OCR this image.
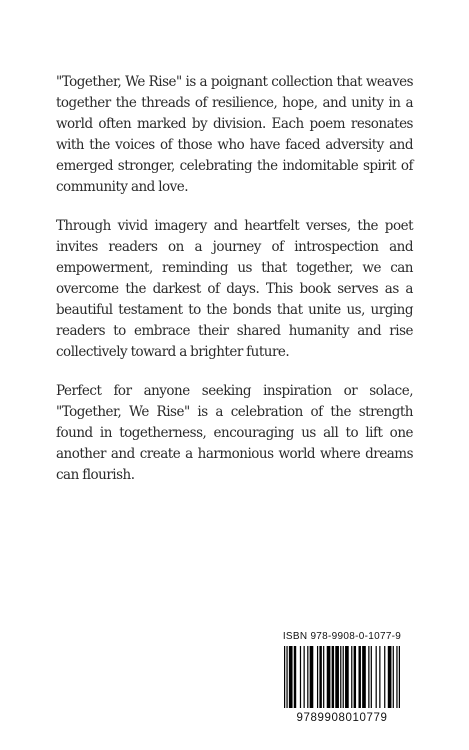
"Together, We Rise" is a poignant collection that weaves together the threads of resilience, hope, and unity in a world often marked by division. Each poem resonates with the voices of those who have faced adversity and emerged stronger, celebrating the indomitable spirit of community and love.

Through vivid imagery and heartfelt verses, the poet invites readers on a journey of introspection and empowerment, reminding us that together, we can overcome the darkest of days. This book serves as a beautiful testament to the bonds that unite us, urging readers to embrace their shared humanity and rise collectively toward a brighter future.

Perfect for anyone seeking inspiration or solace, "Together, We Rise" is a celebration of the strength found in togetherness, encouraging us all to lift one another and create a harmonious world where dreams can flourish.

ISBN 978-9908-0-1077-9
9789908010779
